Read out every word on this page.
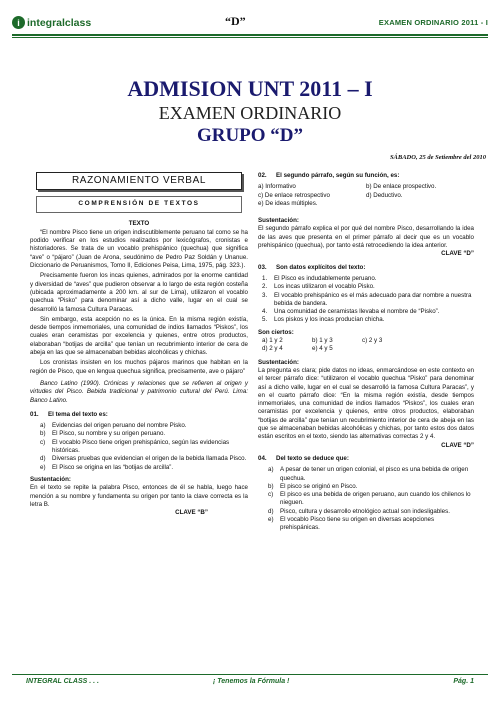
i integralclass	“D”	EXAMEN ORDINARIO 2011 - I
ADMISION UNT 2011 – I
EXAMEN ORDINARIO
GRUPO “D”
SÁBADO, 25 de Setiembre del 2010
RAZONAMIENTO VERBAL
COMPRENSIÓN DE TEXTOS
TEXTO

“El nombre Pisco tiene un origen indiscutiblemente peruano tal como se ha podido verificar en los estudios realizados por lexicógrafos, cronistas e historiadores. Se trata de un vocablo prehispánico (quechua) que significa “ave” o “pájaro” (Juan de Arona, seudónimo de Pedro Paz Soldán y Unanue. Diccionario de Peruanismos, Tomo II, Ediciones Peisa, Lima, 1975, pág. 323.).

Precisamente fueron los incas quienes, admirados por la enorme cantidad y diversidad de “aves” que pudieron observar a lo largo de esta región costeña (ubicada aproximadamente a 200 km. al sur de Lima), utilizaron el vocablo quechua “Pisko” para denominar así a dicho valle, lugar en el cual se desarrolló la famosa Cultura Paracas.

Sin embargo, esta acepción no es la única. En la misma región existía, desde tiempos inmemoriales, una comunidad de indios llamados “Piskos”, los cuales eran ceramistas por excelencia y quienes, entre otros productos, elaboraban “botijas de arcilla” que tenían un recubrimiento interior de cera de abeja en las que se almacenaban bebidas alcohólicas y chichas.

Los cronistas insisten en los muchos pájaros marinos que habitan en la región de Pisco, que en lengua quechua significa, precisamente, ave o pájaro”

Banco Latino (1990). Crónicas y relaciones que se refieren al origen y virtudes del Pisco. Bebida tradicional y patrimonio cultural del Perú. Lima: Banco Latino.

01.	El tema del texto es:
a)	Evidencias del origen peruano del nombre Pisko.
b)	El Pisco, su nombre y su origen peruano.
c)	El vocablo Pisco tiene origen prehispánico, según las evidencias históricas.
d)	Diversas pruebas que evidencian el origen de la bebida llamada Pisco.
e)	El Pisco se origina en las “botijas de arcilla”.
Sustentación:
En el texto se repite la palabra Pisco, entonces de él se habla, luego hace mención a su nombre y fundamenta su origen por tanto la clave correcta es la letra B.
CLAVE “B”
02.	El segundo párrafo, según su función, es:
a) Informativo	b) De enlace prospectivo.
c) De enlace retrospectivo	d) Deductivo.
e) De ideas múltiples.
Sustentación:
El segundo párrafo explica el por qué del nombre Pisco, desarrollando la idea de las aves que presenta en el primer párrafo al decir que es un vocablo prehispánico (quechua), por tanto está retrocediendo la idea anterior.
CLAVE “D”
03.	Son datos explícitos del texto:
1.	El Pisco es indudablemente peruano.
2.	Los incas utilizaron el vocablo Pisko.
3.	El vocablo prehispánico es el más adecuado para dar nombre a nuestra bebida de bandera.
4.	Una comunidad de ceramistas llevaba el nombre de “Pisko”.
5.	Los piskos y los incas producían chicha.
Son ciertos:
a) 1 y 2	b) 1 y 3	c) 2 y 3
d) 2 y 4	e) 4 y 5
Sustentación:
La pregunta es clara; pide datos no ideas, enmarcándose en este contexto en el tercer párrafo dice: “utilizaron el vocablo quechua “Pisko” para denominar así a dicho valle, lugar en el cual se desarrolló la famosa Cultura Paracas”, y en el cuarto párrafo dice: “En la misma región existía, desde tiempos inmemoriales, una comunidad de indios llamados “Piskos”, los cuales eran ceramistas por excelencia y quienes, entre otros productos, elaboraban “botijas de arcilla” que tenían un recubrimiento interior de cera de abeja en las que se almacenaban bebidas alcohólicas y chichas, por tanto estos dos datos están escritos en el texto, siendo las alternativas correctas 2 y 4.
CLAVE “D”
04.	Del texto se deduce que:
a)	A pesar de tener un origen colonial, el pisco es una bebida de origen quechua.
b)	El pisco se originó en Pisco.
c)	El pisco es una bebida de origen peruano, aun cuando los chilenos lo nieguen.
d)	Pisco, cultura y desarrollo etnológico actual son indesligables.
e)	El vocablo Pisco tiene su origen en diversas acepciones prehispánicas.
INTEGRAL CLASS . . .	¡ Tenemos la Fórmula !	Pág. 1
